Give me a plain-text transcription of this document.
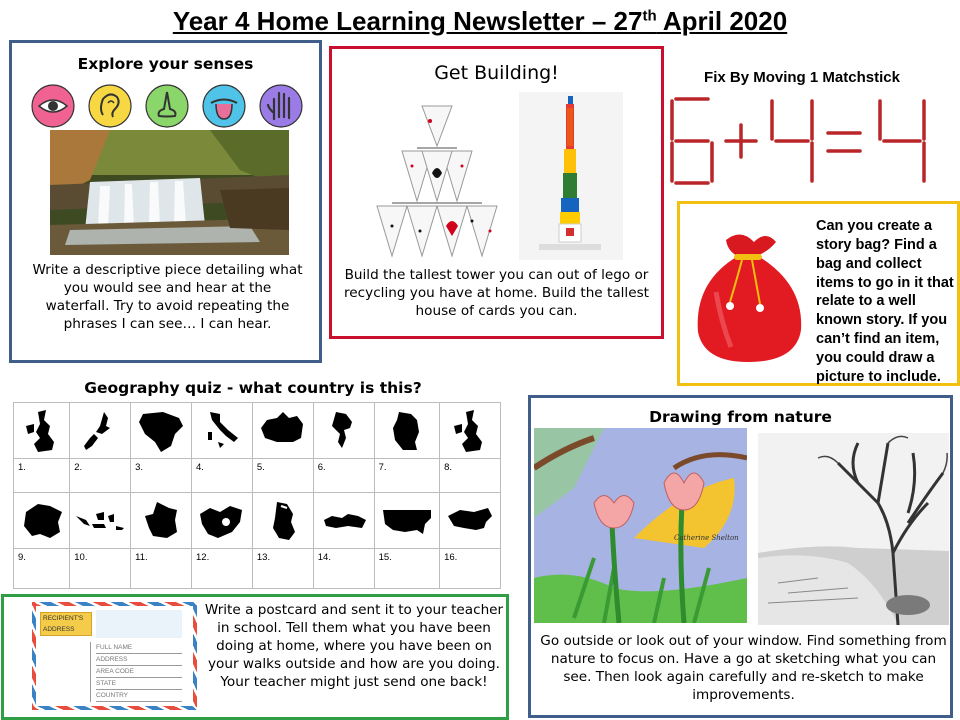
Year 4 Home Learning Newsletter – 27th April 2020
Explore your senses
Write a descriptive piece detailing what you would see and hear at the waterfall. Try to avoid repeating the phrases I can see… I can hear.
Get Building!
Build the tallest tower you can out of lego or recycling you have at home. Build the tallest house of cards you can.
Fix By Moving 1 Matchstick
Can you create a story bag? Find a bag and collect items to go in it that relate to a well known story. If you can’t find an item, you could draw a picture to include.
Geography quiz - what country is this?

1.	2.	3.	4.	5.	6.	7.	8.

9.	10.	11.	12.	13.	14.	15.	16.
Drawing from nature
Catherine Shelton
Go outside or look out of your window. Find something from nature to focus on. Have a go at sketching what you can see. Then look again carefully and re-sketch to make improvements.
RECIPIENT'S ADDRESS
FULL NAME
ADDRESS
AREA CODE
STATE
COUNTRY
Write a postcard and sent it to your teacher in school. Tell them what you have been doing at home, where you have been on your walks outside and how are you doing. Your teacher might just send one back!
